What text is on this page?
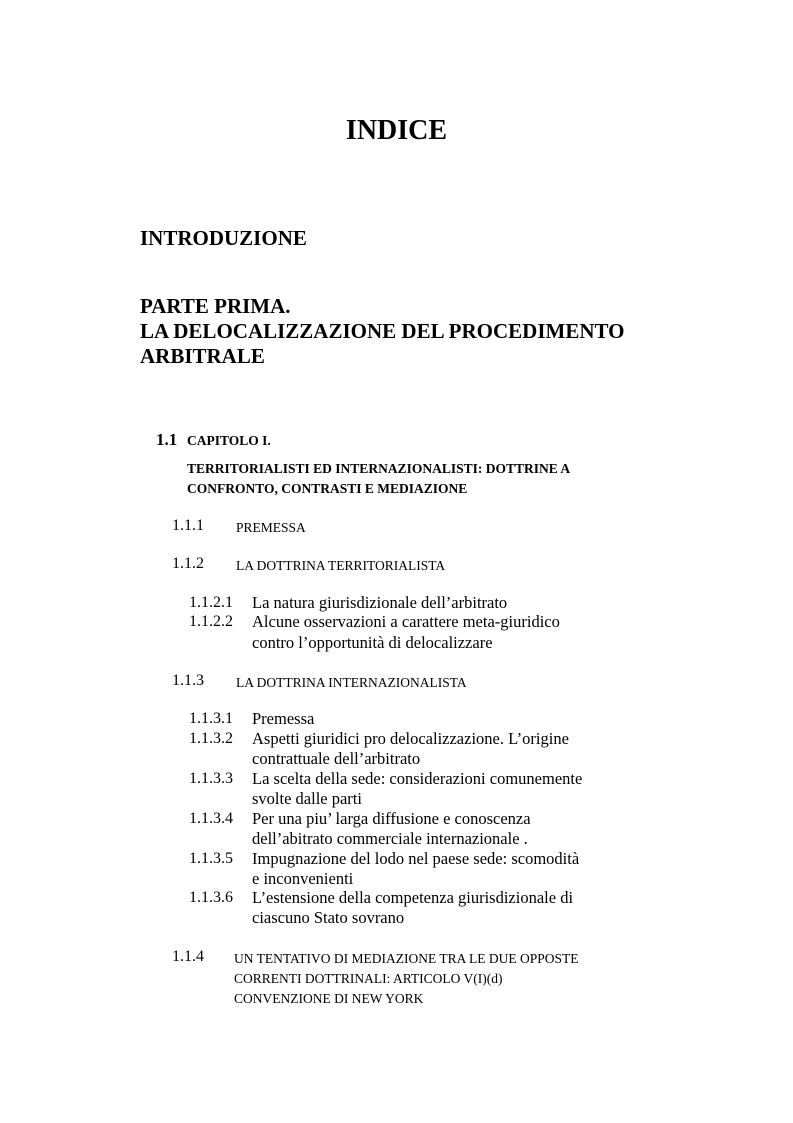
INDICE
INTRODUZIONE
PARTE PRIMA.
LA DELOCALIZZAZIONE DEL PROCEDIMENTO
ARBITRALE
1.1 CAPITOLO I.
TERRITORIALISTI ED INTERNAZIONALISTI: DOTTRINE A
CONFRONTO, CONTRASTI E MEDIAZIONE
1.1.1 PREMESSA
1.1.2 LA DOTTRINA TERRITORIALISTA
1.1.2.1 La natura giurisdizionale dell’arbitrato
1.1.2.2 Alcune osservazioni a carattere meta-giuridico
contro l’opportunità di delocalizzare
1.1.3 LA DOTTRINA INTERNAZIONALISTA
1.1.3.1 Premessa
1.1.3.2 Aspetti giuridici pro delocalizzazione. L’origine
contrattuale dell’arbitrato
1.1.3.3 La scelta della sede: considerazioni comunemente
svolte dalle parti
1.1.3.4 Per una piu’ larga diffusione e conoscenza
dell’abitrato commerciale internazionale .
1.1.3.5 Impugnazione del lodo nel paese sede: scomodità
e inconvenienti
1.1.3.6 L’estensione della competenza giurisdizionale di
ciascuno Stato sovrano
1.1.4 UN TENTATIVO DI MEDIAZIONE TRA LE DUE OPPOSTE
CORRENTI DOTTRINALI: ARTICOLO V(I)(d)
CONVENZIONE DI NEW YORK
